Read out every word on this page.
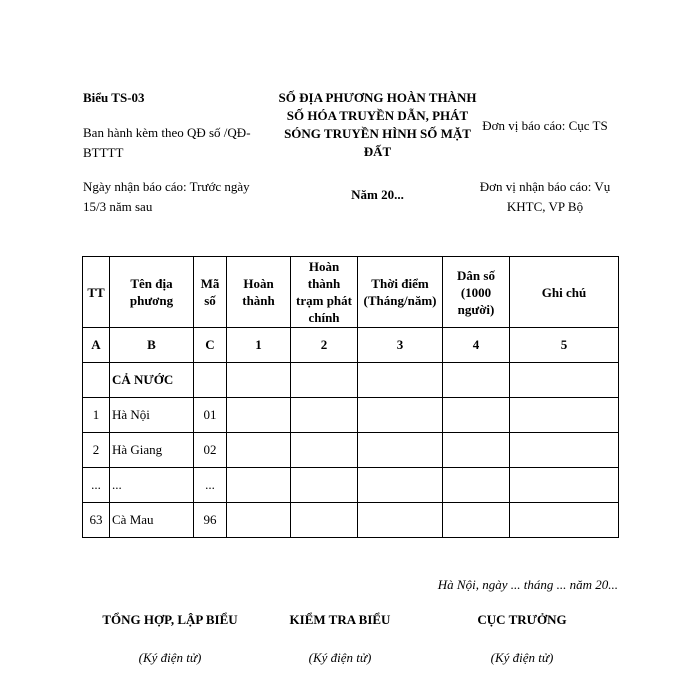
Biểu TS-03
Ban hành kèm theo QĐ số /QĐ-BTTTT
Ngày nhận báo cáo: Trước ngày 15/3 năm sau
SỐ ĐỊA PHƯƠNG HOÀN THÀNH SỐ HÓA TRUYỀN DẪN, PHÁT SÓNG TRUYỀN HÌNH SỐ MẶT ĐẤT
Năm 20...
Đơn vị báo cáo: Cục TS
Đơn vị nhận báo cáo: Vụ KHTC, VP Bộ
TT	Tên địa phương	Mã số	Hoàn thành	Hoàn thành trạm phát chính	Thời điểm (Tháng/năm)	Dân số (1000 người)	Ghi chú
A	B	C	1	2	3	4	5
	CẢ NƯỚC						
1	Hà Nội	01					
2	Hà Giang	02					
...	...	...					
63	Cà Mau	96					
Hà Nội, ngày ... tháng ... năm 20...
TỔNG HỢP, LẬP BIỂU
(Ký điện tử)
KIỂM TRA BIỂU
(Ký điện tử)
CỤC TRƯỞNG
(Ký điện tử)
